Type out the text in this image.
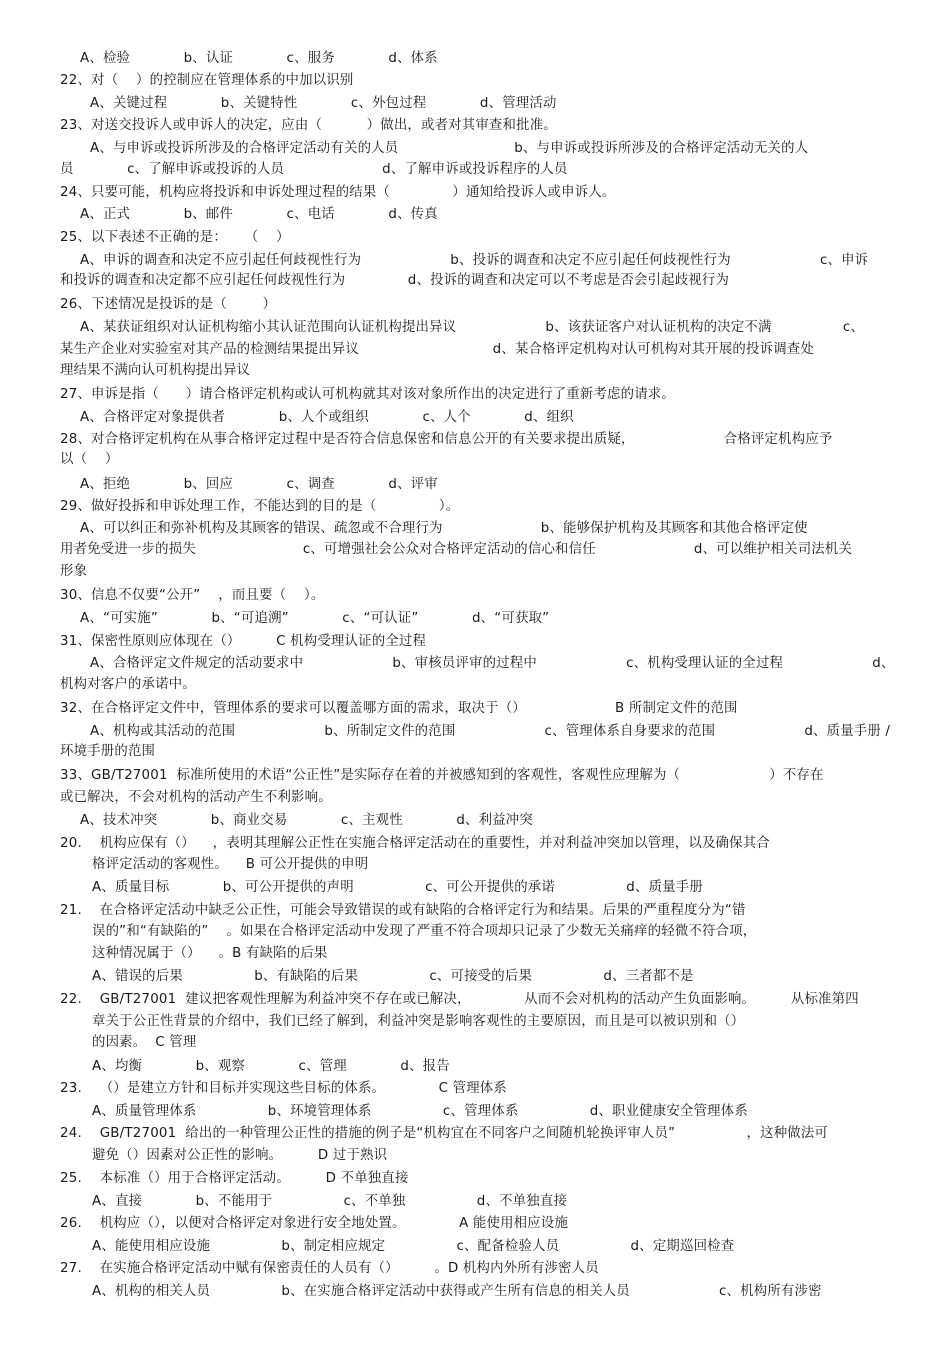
A、检验            b、认证            c、服务            d、体系
22、对（    ）的控制应在管理体系的中加以识别
A、关键过程            b、关键特性            c、外包过程            d、管理活动
23、对送交投诉人或申诉人的决定，应由（          ）做出，或者对其审查和批准。
A、与申诉或投诉所涉及的合格评定活动有关的人员                          b、与申诉或投诉所涉及的合格评定活动无关的人
员            c、了解申诉或投诉的人员                      d、了解申诉或投诉程序的人员
24、只要可能，机构应将投诉和申诉处理过程的结果（              ）通知给投诉人或申诉人。
A、正式            b、邮件            c、电话            d、传真
25、以下表述不正确的是：    （    ）
A、申诉的调查和决定不应引起任何歧视性行为                    b、投诉的调查和决定不应引起任何歧视性行为                    c、申诉
和投诉的调查和决定都不应引起任何歧视性行为              d、投诉的调查和决定可以不考虑是否会引起歧视行为
26、下述情况是投诉的是（        ）
A、某获证组织对认证机构缩小其认证范围向认证机构提出异议                    b、该获证客户对认证机构的决定不满                c、
某生产企业对实验室对其产品的检测结果提出异议                              d、某合格评定机构对认可机构对其开展的投诉调查处
理结果不满向认可机构提出异议
27、申诉是指（      ）请合格评定机构或认可机构就其对该对象所作出的决定进行了重新考虑的请求。
A、合格评定对象提供者            b、人个或组织            c、人个            d、组织
28、对合格评定机构在从事合格评定过程中是否符合信息保密和信息公开的有关要求提出质疑，                    合格评定机构应予
以（    ）
A、拒绝            b、回应            c、调查            d、评审
29、做好投拆和申诉处理工作，不能达到的目的是（              ）。
A、可以纠正和弥补机构及其顾客的错误、疏忽或不合理行为                      b、能够保护机构及其顾客和其他合格评定使
用者免受进一步的损失                        c、可增强社会公众对合格评定活动的信心和信任                      d、可以维护相关司法机关
形象
30、信息不仅要“公开”    ，而且要（    ）。
A、“可实施”            b、“可追溯”            c、“可认证”            d、“可获取”
31、保密性原则应体现在（）        C 机构受理认证的全过程
A、合格评定文件规定的活动要求中                    b、审核员评审的过程中                    c、机构受理认证的全过程                    d、
机构对客户的承诺中。
32、在合格评定文件中，管理体系的要求可以覆盖哪方面的需求，取决于（）                    B 所制定文件的范围
A、机构或其活动的范围                    b、所制定文件的范围                    c、管理体系自身要求的范围                    d、质量手册 /
环境手册的范围
33、GB/T27001  标准所使用的术语“公正性”是实际存在着的并被感知到的客观性，客观性应理解为（                    ）不存在
或已解决，不会对机构的活动产生不利影响。
A、技术冲突            b、商业交易            c、主观性            d、利益冲突
20.    机构应保有（）    ，表明其理解公正性在实施合格评定活动在的重要性，并对利益冲突加以管理，以及确保其合
格评定活动的客观性。    B 可公开提供的申明
A、质量目标            b、可公开提供的声明                c、可公开提供的承诺                d、质量手册
21.    在合格评定活动中缺乏公正性，可能会导致错误的或有缺陷的合格评定行为和结果。后果的严重程度分为“错
误的”和“有缺陷的”    。如果在合格评定活动中发现了严重不符合项却只记录了少数无关痛痒的轻微不符合项，
这种情况属于（）    。B 有缺陷的后果
A、错误的后果                b、有缺陷的后果                c、可接受的后果                d、三者都不是
22.    GB/T27001  建议把客观性理解为利益冲突不存在或已解决，            从而不会对机构的活动产生负面影响。        从标准第四
章关于公正性背景的介绍中，我们已经了解到，利益冲突是影响客观性的主要原因，而且是可以被识别和（）
的因素。  C 管理
A、均衡            b、观察            c、管理            d、报告
23.    （）是建立方针和目标并实现这些目标的体系。            C 管理体系
A、质量管理体系                b、环境管理体系                c、管理体系                d、职业健康安全管理体系
24.    GB/T27001  给出的一种管理公正性的措施的例子是“机构宜在不同客户之间随机轮换评审人员”                ，这种做法可
避免（）因素对公正性的影响。        D 过于熟识
25.    本标准（）用于合格评定活动。        D 不单独直接
A、直接            b、不能用于                c、不单独                d、不单独直接
26.    机构应（），以便对合格评定对象进行安全地处置。            A 能使用相应设施
A、能使用相应设施                b、制定相应规定                c、配备检验人员                d、定期巡回检查
27.    在实施合格评定活动中赋有保密责任的人员有（）        。D 机构内外所有涉密人员
A、机构的相关人员                b、在实施合格评定活动中获得或产生所有信息的相关人员                    c、机构所有涉密
